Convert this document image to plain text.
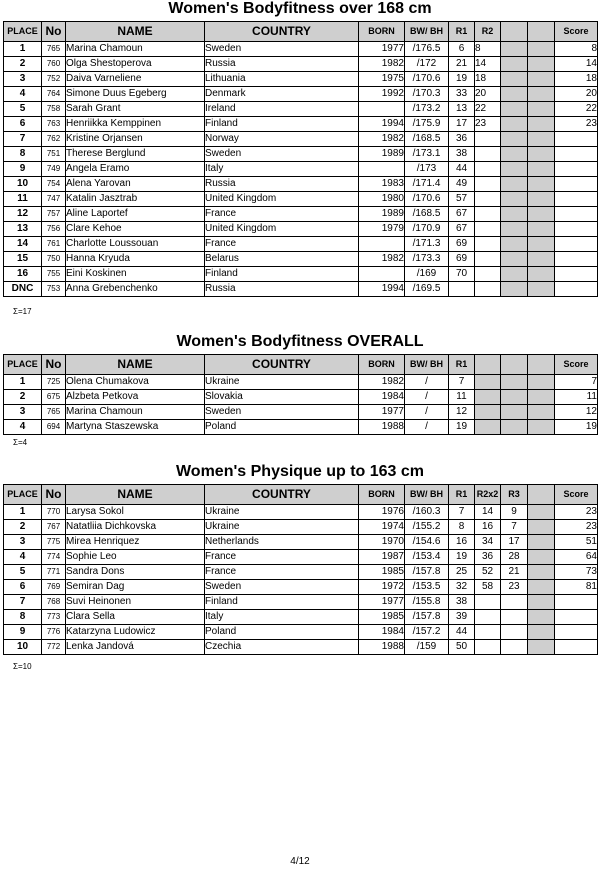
Women's Bodyfitness over 168 cm
PLACE	No	NAME	COUNTRY	BORN	BW/ BH	R1	R2			Score
1	765	Marina Chamoun	Sweden	1977	/176.5	6	8			8
2	760	Olga Shestoperova	Russia	1982	/172	21	14			14
3	752	Daiva Varneliene	Lithuania	1975	/170.6	19	18			18
4	764	Simone Duus Egeberg	Denmark	1992	/170.3	33	20			20
5	758	Sarah Grant	Ireland		/173.2	13	22			22
6	763	Henriikka Kemppinen	Finland	1994	/175.9	17	23			23
7	762	Kristine Orjansen	Norway	1982	/168.5	36				
8	751	Therese Berglund	Sweden	1989	/173.1	38				
9	749	Angela Eramo	Italy		/173	44				
10	754	Alena Yarovan	Russia	1983	/171.4	49				
11	747	Katalin Jasztrab	United Kingdom	1980	/170.6	57				
12	757	Aline Laportef	France	1989	/168.5	67				
13	756	Clare Kehoe	United Kingdom	1979	/170.9	67				
14	761	Charlotte Loussouan	France		/171.3	69				
15	750	Hanna Kryuda	Belarus	1982	/173.3	69				
16	755	Eini Koskinen	Finland		/169	70				
DNC	753	Anna Grebenchenko	Russia	1994	/169.5					
Σ=17
Women's Bodyfitness OVERALL
PLACE	No	NAME	COUNTRY	BORN	BW/ BH	R1				Score
1	725	Olena Chumakova	Ukraine	1982	/	7				7
2	675	Alzbeta Petkova	Slovakia	1984	/	11				11
3	765	Marina Chamoun	Sweden	1977	/	12				12
4	694	Martyna Staszewska	Poland	1988	/	19				19
Σ=4
Women's Physique up to 163 cm
PLACE	No	NAME	COUNTRY	BORN	BW/ BH	R1	R2x2	R3		Score
1	770	Larysa Sokol	Ukraine	1976	/160.3	7	14	9		23
2	767	Natatliia Dichkovska	Ukraine	1974	/155.2	8	16	7		23
3	775	Mirea Henriquez	Netherlands	1970	/154.6	16	34	17		51
4	774	Sophie Leo	France	1987	/153.4	19	36	28		64
5	771	Sandra Dons	France	1985	/157.8	25	52	21		73
6	769	Semiran Dag	Sweden	1972	/153.5	32	58	23		81
7	768	Suvi Heinonen	Finland	1977	/155.8	38				
8	773	Clara Sella	Italy	1985	/157.8	39				
9	776	Katarzyna Ludowicz	Poland	1984	/157.2	44				
10	772	Lenka Jandová	Czechia	1988	/159	50				
Σ=10
4/12
